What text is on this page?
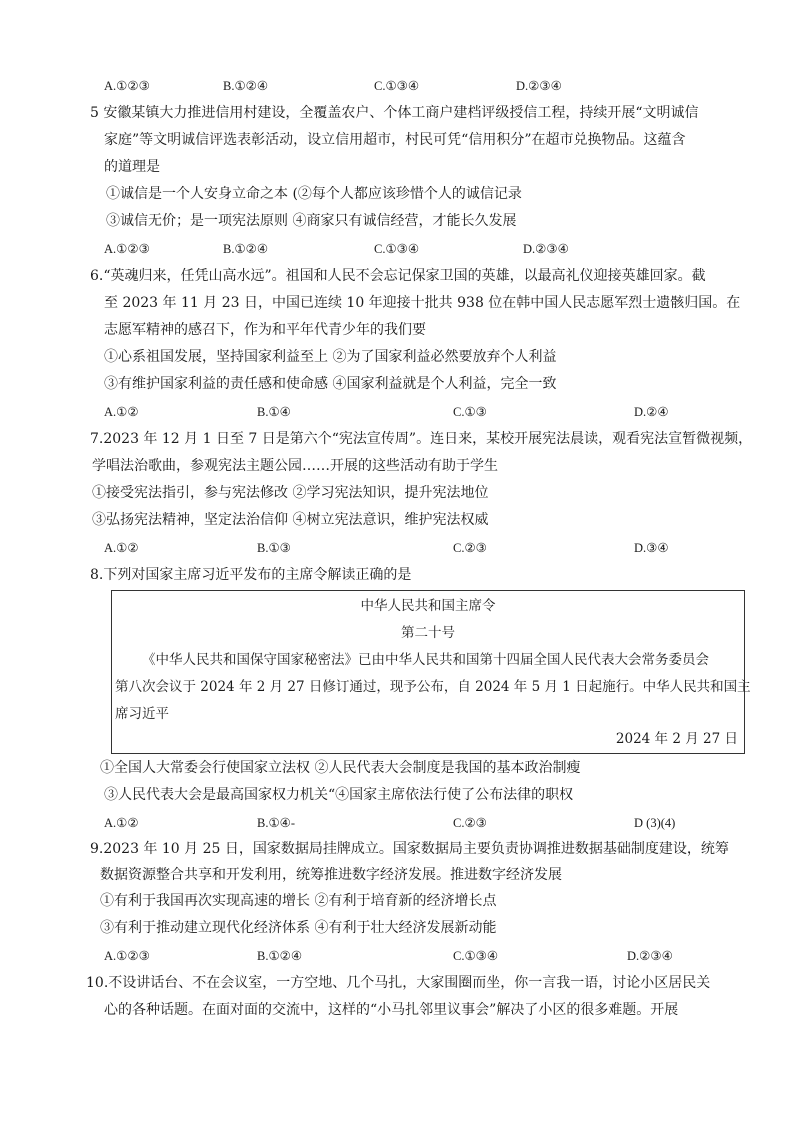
A.①②③	B.①②④	C.①③④	D.②③④
5 安徽某镇大力推进信用村建设，全覆盖农户、个体工商户建档评级授信工程，持续开展“文明诚信
家庭”等文明诚信评选表彰活动，设立信用超市，村民可凭“信用积分”在超市兑换物品。这蕴含
的道理是
①诚信是一个人安身立命之本 (②每个人都应该珍惜个人的诚信记录
③诚信无价；是一项宪法原则 ④商家只有诚信经营，才能长久发展
A.①②③	B.①②④	C.①③④	D.②③④
6.“英魂归来，任凭山高水远”。祖国和人民不会忘记保家卫国的英雄，以最高礼仪迎接英雄回家。截
至 2023 年 11 月 23 日，中国已连续 10 年迎接十批共 938 位在韩中国人民志愿军烈士遗骸归国。在
志愿军精神的感召下，作为和平年代青少年的我们要
①心系祖国发展，坚持国家利益至上 ②为了国家利益必然要放弃个人利益
③有维护国家利益的责任感和使命感 ④国家利益就是个人利益，完全一致
A.①②	B.①④	C.①③	D.②④
7.2023 年 12 月 1 日至 7 日是第六个“宪法宣传周”。连日来，某校开展宪法晨读，观看宪法宣暂微视频，
学唱法治歌曲，参观宪法主题公园……开展的这些活动有助于学生
①接受宪法指引，参与宪法修改 ②学习宪法知识，提升宪法地位
③弘扬宪法精神，坚定法治信仰 ④树立宪法意识，维护宪法权威
A.①②	B.①③	C.②③	D.③④
8.下列对国家主席习近平发布的主席令解读正确的是
中华人民共和国主席令
第二十号
《中华人民共和国保守国家秘密法》已由中华人民共和国第十四届全国人民代表大会常务委员会
第八次会议于 2024 年 2 月 27 日修订通过，现予公布，自 2024 年 5 月 1 日起施行。中华人民共和国主
席习近平
2024 年 2 月 27 日
①全国人大常委会行使国家立法权 ②人民代表大会制度是我国的基本政治制瘦
③人民代表大会是最高国家权力机关“④国家主席依法行使了公布法律的职权
A.①②	B.①④-	C.②③	D (3)(4)
9.2023 年 10 月 25 日，国家数据局挂牌成立。国家数据局主要负责协调推进数据基础制度建设，统筹
数据资源整合共享和开发利用，统筹推进数字经济发展。推进数字经济发展
①有利于我国再次实现高速的增长 ②有利于培育新的经济增长点
③有利于推动建立现代化经济体系 ④有利于壮大经济发展新动能
A.①②③	B.①②④	C.①③④	D.②③④
10.不设讲话台、不在会议室，一方空地、几个马扎，大家围圈而坐，你一言我一语，讨论小区居民关
心的各种话题。在面对面的交流中，这样的“小马扎邻里议事会”解决了小区的很多难题。开展
